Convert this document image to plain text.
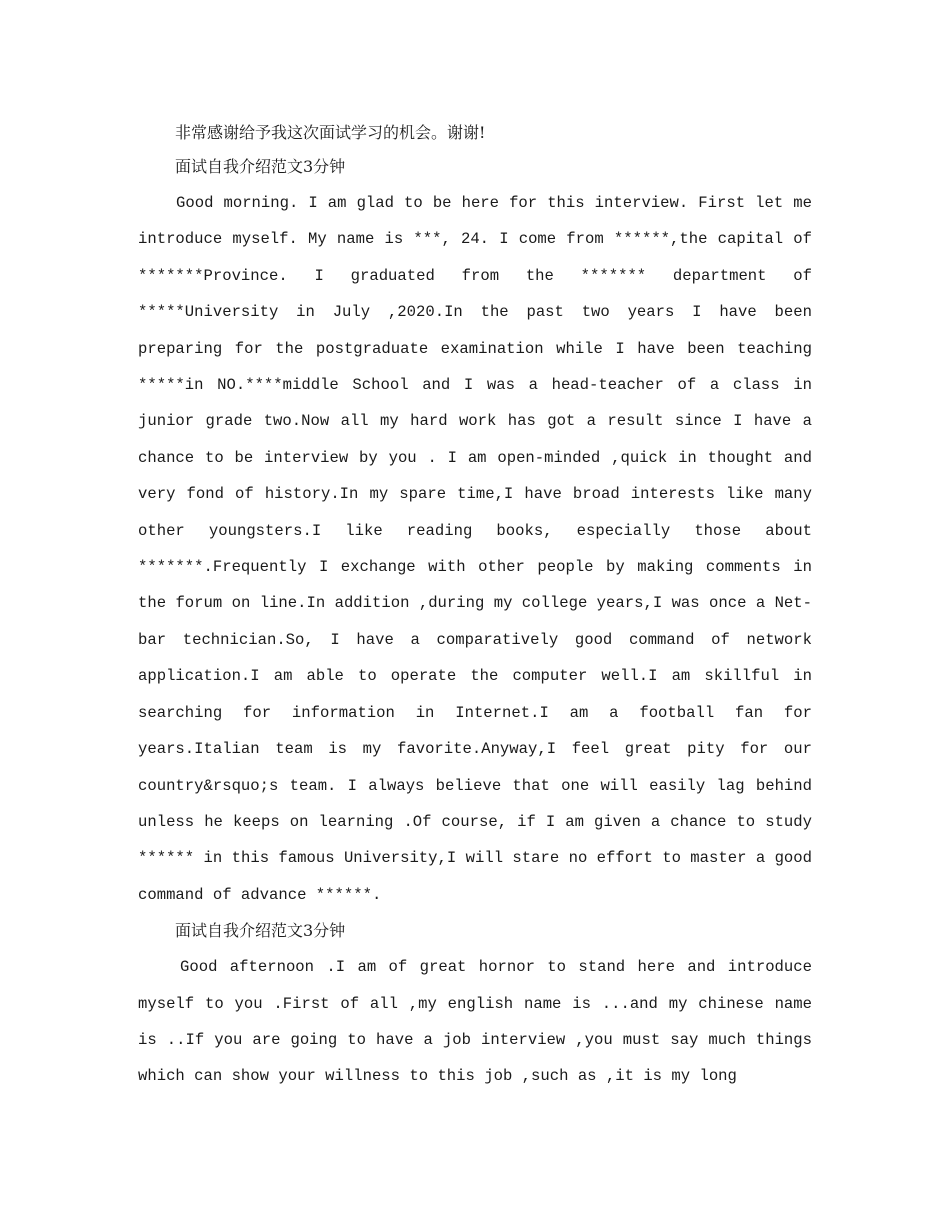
非常感谢给予我这次面试学习的机会。谢谢!
面试自我介绍范文3分钟

Good morning. I am glad to be here for this interview. First let me introduce myself. My name is ***, 24. I come from ******,the capital of *******Province. I graduated from the ******* department of *****University in July ,2020.In the past two years I have been preparing for the postgraduate examination while I have been teaching *****in NO.****middle School and I was a head-teacher of a class in junior grade two.Now all my hard work has got a result since I have a chance to be interview by you . I am open-minded ,quick in thought and very fond of history.In my spare time,I have broad interests like many other youngsters.I like reading books, especially those about *******.Frequently I exchange with other people by making comments in the forum on line.In addition ,during my college years,I was once a Net-bar technician.So, I have a comparatively good command of network application.I am able to operate the computer well.I am skillful in searching for information in Internet.I am a football fan for years.Italian team is my favorite.Anyway,I feel great pity for our country&rsquo;s team. I always believe that one will easily lag behind unless he keeps on learning .Of course, if I am given a chance to study ****** in this famous University,I will stare no effort to master a good command of advance ******.

面试自我介绍范文3分钟

Good afternoon .I am of great hornor to stand here and introduce myself to you .First of all ,my english name is ...and my chinese name is ..If you are going to have a job interview ,you must say much things which can show your willness to this job ,such as ,it is my long
